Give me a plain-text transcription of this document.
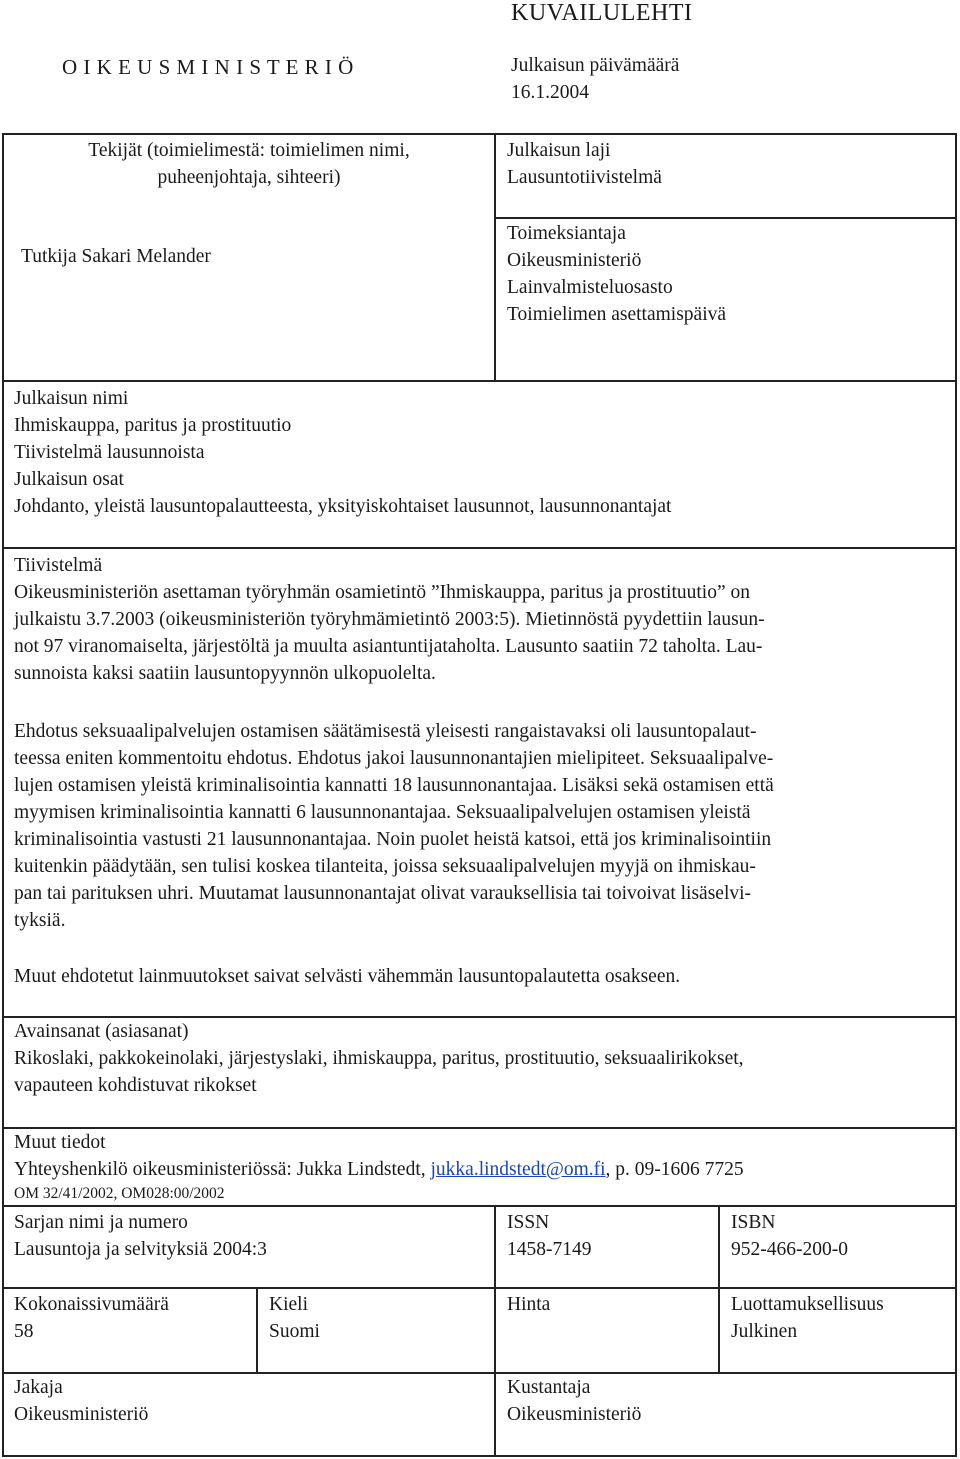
O I K E U S M I N I S T E R I Ö
KUVAILULEHTI
Julkaisun päivämäärä
16.1.2004
Tekijät (toimielimestä: toimielimen nimi,
puheenjohtaja, sihteeri)
Tutkija Sakari Melander
Julkaisun laji
Lausuntotiivistelmä
Toimeksiantaja
Oikeusministeriö
Lainvalmisteluosasto
Toimielimen asettamispäivä
Julkaisun nimi
Ihmiskauppa, paritus ja prostituutio
Tiivistelmä lausunnoista
Julkaisun osat
Johdanto, yleistä lausuntopalautteesta, yksityiskohtaiset lausunnot, lausunnonantajat
Tiivistelmä
Oikeusministeriön asettaman työryhmän osamietintö ”Ihmiskauppa, paritus ja prostituutio” on
julkaistu 3.7.2003 (oikeusministeriön työryhmämietintö 2003:5). Mietinnöstä pyydettiin lausun-
not 97 viranomaiselta, järjestöltä ja muulta asiantuntijataholta. Lausunto saatiin 72 taholta. Lau-
sunnoista kaksi saatiin lausuntopyynnön ulkopuolelta.
Ehdotus seksuaalipalvelujen ostamisen säätämisestä yleisesti rangaistavaksi oli lausuntopalaut-
teessa eniten kommentoitu ehdotus. Ehdotus jakoi lausunnonantajien mielipiteet. Seksuaalipalve-
lujen ostamisen yleistä kriminalisointia kannatti 18 lausunnonantajaa. Lisäksi sekä ostamisen että
myymisen kriminalisointia kannatti 6 lausunnonantajaa. Seksuaalipalvelujen ostamisen yleistä
kriminalisointia vastusti 21 lausunnonantajaa. Noin puolet heistä katsoi, että jos kriminalisointiin
kuitenkin päädytään, sen tulisi koskea tilanteita, joissa seksuaalipalvelujen myyjä on ihmiskau-
pan tai parituksen uhri. Muutamat lausunnonantajat olivat varauksellisia tai toivoivat lisäselvi-
tyksiä.
Muut ehdotetut lainmuutokset saivat selvästi vähemmän lausuntopalautetta osakseen.
Avainsanat (asiasanat)
Rikoslaki, pakkokeinolaki, järjestyslaki, ihmiskauppa, paritus, prostituutio, seksuaalirikokset,
vapauteen kohdistuvat rikokset
Muut tiedot
Yhteyshenkilö oikeusministeriössä: Jukka Lindstedt, jukka.lindstedt@om.fi, p. 09-1606 7725
OM 32/41/2002, OM028:00/2002
Sarjan nimi ja numero
Lausuntoja ja selvityksiä 2004:3
ISSN
1458-7149
ISBN
952-466-200-0
Kokonaissivumäärä
58
Kieli
Suomi
Hinta	Luottamuksellisuus
Julkinen
Jakaja
Oikeusministeriö
Kustantaja
Oikeusministeriö
